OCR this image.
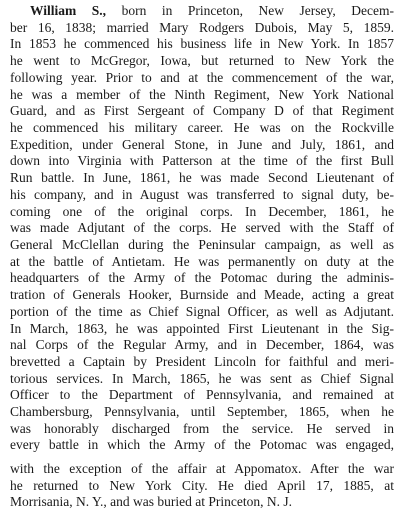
William S., born in Princeton, New Jersey, Decem-
ber 16, 1838; married Mary Rodgers Dubois, May 5, 1859.
In 1853 he commenced his business life in New York. In 1857
he went to McGregor, Iowa, but returned to New York the
following year. Prior to and at the commencement of the war,
he was a member of the Ninth Regiment, New York National
Guard, and as First Sergeant of Company D of that Regiment
he commenced his military career. He was on the Rockville
Expedition, under General Stone, in June and July, 1861, and
down into Virginia with Patterson at the time of the first Bull
Run battle. In June, 1861, he was made Second Lieutenant of
his company, and in August was transferred to signal duty, be-
coming one of the original corps. In December, 1861, he
was made Adjutant of the corps. He served with the Staff of
General McClellan during the Peninsular campaign, as well as
at the battle of Antietam. He was permanently on duty at the
headquarters of the Army of the Potomac during the adminis-
tration of Generals Hooker, Burnside and Meade, acting a great
portion of the time as Chief Signal Officer, as well as Adjutant.
In March, 1863, he was appointed First Lieutenant in the Sig-
nal Corps of the Regular Army, and in December, 1864, was
brevetted a Captain by President Lincoln for faithful and meri-
torious services. In March, 1865, he was sent as Chief Signal
Officer to the Department of Pennsylvania, and remained at
Chambersburg, Pennsylvania, until September, 1865, when he
was honorably discharged from the service. He served in
every battle in which the Army of the Potomac was engaged,
with the exception of the affair at Appomatox. After the war
he returned to New York City. He died April 17, 1885, at
Morrisania, N. Y., and was buried at Princeton, N. J.
